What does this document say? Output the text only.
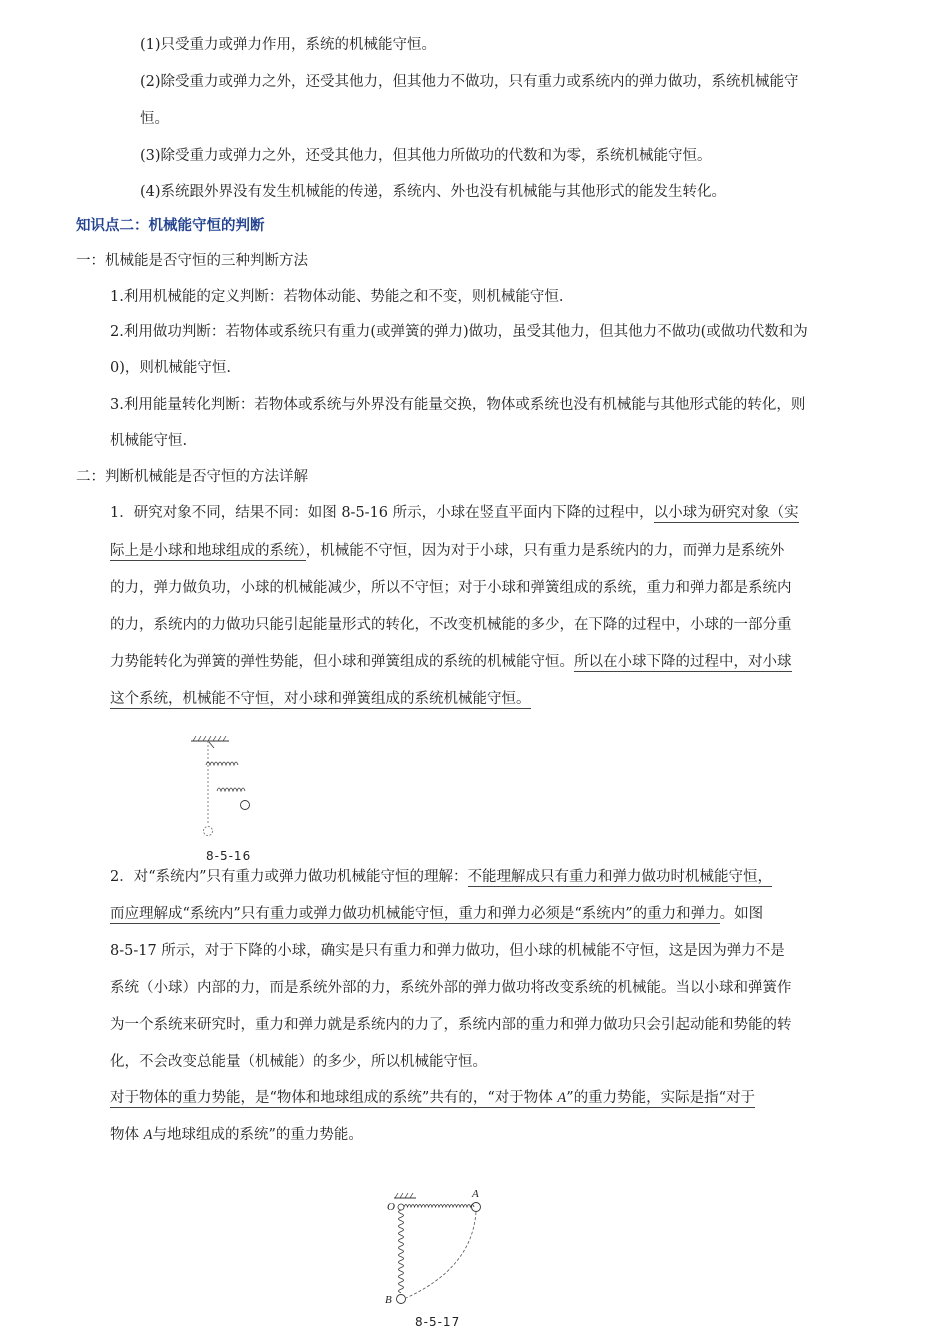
(1)只受重力或弹力作用，系统的机械能守恒。
(2)除受重力或弹力之外，还受其他力，但其他力不做功，只有重力或系统内的弹力做功，系统机械能守
恒。
(3)除受重力或弹力之外，还受其他力，但其他力所做功的代数和为零，系统机械能守恒。
(4)系统跟外界没有发生机械能的传递，系统内、外也没有机械能与其他形式的能发生转化。
知识点二：机械能守恒的判断
一：机械能是否守恒的三种判断方法
1.利用机械能的定义判断：若物体动能、势能之和不变，则机械能守恒.
2.利用做功判断：若物体或系统只有重力(或弹簧的弹力)做功，虽受其他力，但其他力不做功(或做功代数和为
0)，则机械能守恒.
3.利用能量转化判断：若物体或系统与外界没有能量交换，物体或系统也没有机械能与其他形式能的转化，则
机械能守恒.
二：判断机械能是否守恒的方法详解
1．研究对象不同，结果不同：如图 8-5-16 所示，小球在竖直平面内下降的过程中，以小球为研究对象（实
际上是小球和地球组成的系统），机械能不守恒，因为对于小球，只有重力是系统内的力，而弹力是系统外
的力，弹力做负功，小球的机械能减少，所以不守恒；对于小球和弹簧组成的系统，重力和弹力都是系统内
的力，系统内的力做功只能引起能量形式的转化，不改变机械能的多少，在下降的过程中，小球的一部分重
力势能转化为弹簧的弹性势能，但小球和弹簧组成的系统的机械能守恒。所以在小球下降的过程中，对小球
这个系统，机械能不守恒，对小球和弹簧组成的系统机械能守恒。
8-5-16
2．对“系统内”只有重力或弹力做功机械能守恒的理解：不能理解成只有重力和弹力做功时机械能守恒，
而应理解成“系统内”只有重力或弹力做功机械能守恒，重力和弹力必须是“系统内”的重力和弹力。如图
8-5-17 所示，对于下降的小球，确实是只有重力和弹力做功，但小球的机械能不守恒，这是因为弹力不是
系统（小球）内部的力，而是系统外部的力，系统外部的弹力做功将改变系统的机械能。当以小球和弹簧作
为一个系统来研究时，重力和弹力就是系统内的力了，系统内部的重力和弹力做功只会引起动能和势能的转
化，不会改变总能量（机械能）的多少，所以机械能守恒。
对于物体的重力势能，是“物体和地球组成的系统”共有的，“对于物体 A”的重力势能，实际是指“对于
物体 A与地球组成的系统”的重力势能。
O
A
B
8-5-17
